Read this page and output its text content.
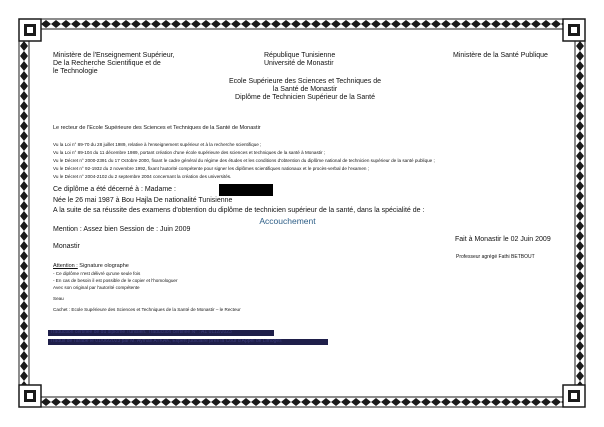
Ministère de l'Enseignement Supérieur,
De la Recherche Scientifique et de
le Technologie
République Tunisienne
Université de Monastir
Ministère de la Santé Publique
Ecole Supérieure des Sciences et Techniques de
la Santé de Monastir
Diplôme de Technicien Supérieur de la Santé
Le recteur de l'Ecole Supérieure des Sciences et Techniques de la Santé de Monastir
Vu la Loi n° 89-70 du 28 juillet 1989, relative à l'enseignement supérieur et à la recherche scientifique ;
Vu la Loi n° 89-104 du 11 décembre 1989, portant création d'une école supérieure des sciences et techniques de la santé à Monastir ;
Vu le Décret n° 2000-2391 du 17 Octobre 2000, fixant le cadre général du régime des études et les conditions d'obtention du diplôme national de technicien supérieur de la santé publique ;
Vu le Décret n° 92-1932 du 2 novembre 1992, fixant l'autorité compétente pour signer les diplômes scientifiques nationaux et le procès-verbal de l'examen ;
Vu le Décret n° 2004-2102 du 2 septembre 2004 concernant la création des universités.
Ce diplôme a été décerné à : Madame :
Née le 26 mai 1987 à Bou Hajla De nationalité Tunisienne
A la suite de sa réussite des examens d'obtention du diplôme de technicien supérieur de la santé, dans la spécialité de :
Accouchement
Mention : Assez bien Session de : Juin 2009
Fait à Monastir le 02 Juin 2009
Monastir
Professeur agrégé Fathi BETBOUT
Attention : Signature olographe
- Ce diplôme n'est délivré qu'une seule fois
- En cas de besoin il est possible de le copier et l'homologuer
Avec son original par l'autorité compétente
Seau
Cachet : Ecole Supérieure des Sciences et Techniques de la Santé de Monastir – le Recteur
Traduction certifiée de du diplôme Tunisien. Traduction certifiée N° : A1 0112/2023
Traduit de l'arabe le 01/06/2023 par M. Ayman ATKAK, Expert judiciaire près la Cour d'Appel de Limoges
